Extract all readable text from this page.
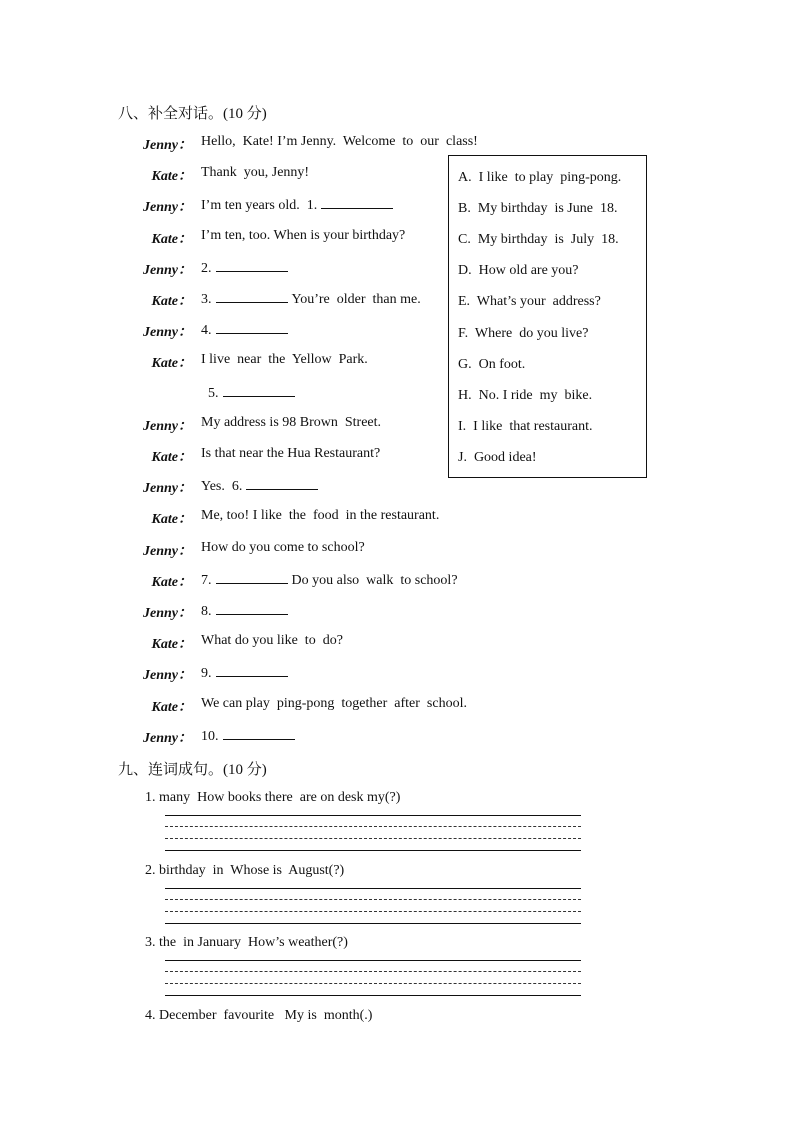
八、补全对话。(10 分)
Jenny： Hello,  Kate! I’m Jenny.  Welcome  to  our  class!
Kate： Thank  you, Jenny!
Jenny： I’m ten years old.  1.
Kate： I’m ten, too. When is your birthday?
Jenny： 2.
Kate： 3.	You’re  older  than me.
Jenny： 4.
Kate： I live  near  the  Yellow  Park.
5.
Jenny： My address is 98 Brown  Street.
Kate： Is that near the Hua Restaurant?
Jenny： Yes.  6.
Kate： Me, too! I like  the  food  in the restaurant.
Jenny： How do you come to school?
Kate： 7.	Do you also  walk  to school?
Jenny： 8.
Kate： What do you like  to  do?
Jenny： 9.
Kate： We can play  ping-pong  together  after  school.
Jenny： 10.
A.  I like  to play  ping-pong.
B.  My birthday  is June  18.
C.  My birthday  is  July  18.
D.  How old are you?
E.  What’s your  address?
F.  Where  do you live?
G.  On foot.
H.  No. I ride  my  bike.
I.  I like  that restaurant.
J.  Good idea!
九、连词成句。(10 分)
1. many  How books there  are on desk my(?)
2. birthday  in  Whose is  August(?)
3. the  in January  How’s weather(?)
4. December  favourite   My is  month(.)
